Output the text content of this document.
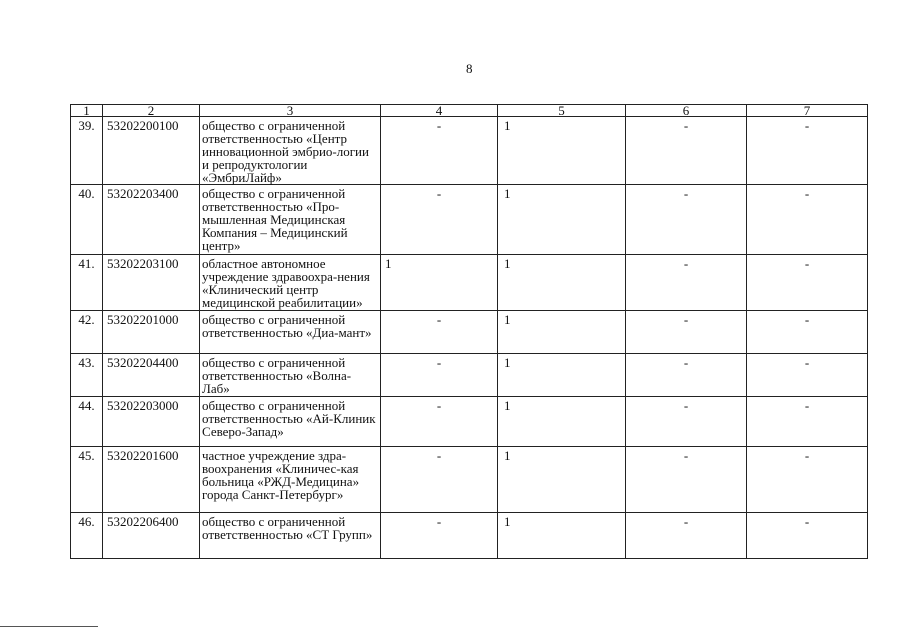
8
1	2	3	4	5	6	7
39.	53202200100	общество с ограниченной ответственностью «Центр инновационной эмбрио-логии и репродуктологии «ЭмбриЛайф»	-	1	-	-
40.	53202203400	общество с ограниченной ответственностью «Про-мышленная Медицинская Компания – Медицинский центр»	-	1	-	-
41.	53202203100	областное автономное учреждение здравоохра-нения «Клинический центр медицинской реабилитации»	1	1	-	-
42.	53202201000	общество с ограниченной ответственностью «Диа-мант»	-	1	-	-
43.	53202204400	общество с ограниченной ответственностью «Волна-Лаб»	-	1	-	-
44.	53202203000	общество с ограниченной ответственностью «Ай-Клиник Северо-Запад»	-	1	-	-
45.	53202201600	частное учреждение здра-воохранения «Клиничес-кая больница «РЖД-Медицина» города Санкт-Петербург»	-	1	-	-
46.	53202206400	общество с ограниченной ответственностью «СТ Групп»	-	1	-	-
